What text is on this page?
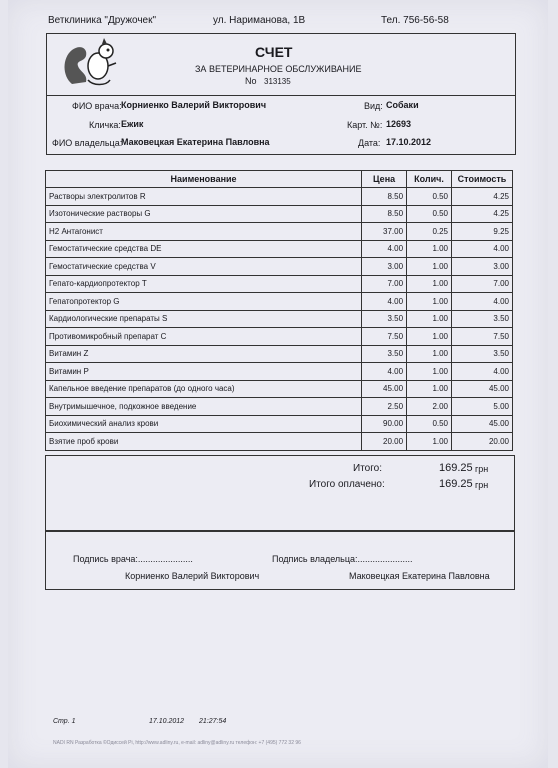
Ветклиника "Дружочек"	ул. Нариманова, 1В	Тел. 756-56-58
СЧЕТ
ЗА ВЕТЕРИНАРНОЕ ОБСЛУЖИВАНИЕ
No 313135
ФИО врача: Корниенко Валерий Викторович
Кличка: Ежик
ФИО владельца:
Маковецкая Екатерина Павловна
Вид: Собаки
Карт. №: 12693
Дата: 17.10.2012
Наименование	Цена	Колич.	Стоимость
Растворы электролитов R	8.50	0.50	4.25
Изотонические растворы G	8.50	0.50	4.25
H2 Антагонист	37.00	0.25	9.25
Гемостатические средства DE	4.00	1.00	4.00
Гемостатические средства V	3.00	1.00	3.00
Гепато-кардиопротектор T	7.00	1.00	7.00
Гепатопротектор G	4.00	1.00	4.00
Кардиологические препараты S	3.50	1.00	3.50
Противомикробный препарат С	7.50	1.00	7.50
Витамин Z	3.50	1.00	3.50
Витамин P	4.00	1.00	4.00
Капельное введение препаратов (до одного часа)	45.00	1.00	45.00
Внутримышечное, подкожное введение	2.50	2.00	5.00
Биохимический анализ крови	90.00	0.50	45.00
Взятие проб крови	20.00	1.00	20.00
Итого:	169.25 грн
Итого оплачено:	169.25 грн
Подпись врача:......................	Подпись владельца:......................
Корниенко Валерий Викторович	Маковецкая Екатерина Павловна
Стр. 1	17.10.2012 21:27:54
NADI RN Разработка ©Одиссей Рі, http://www.adliny.ru, e-mail: adliny@adliny.ru телефон: +7 (495) 772 32 96
